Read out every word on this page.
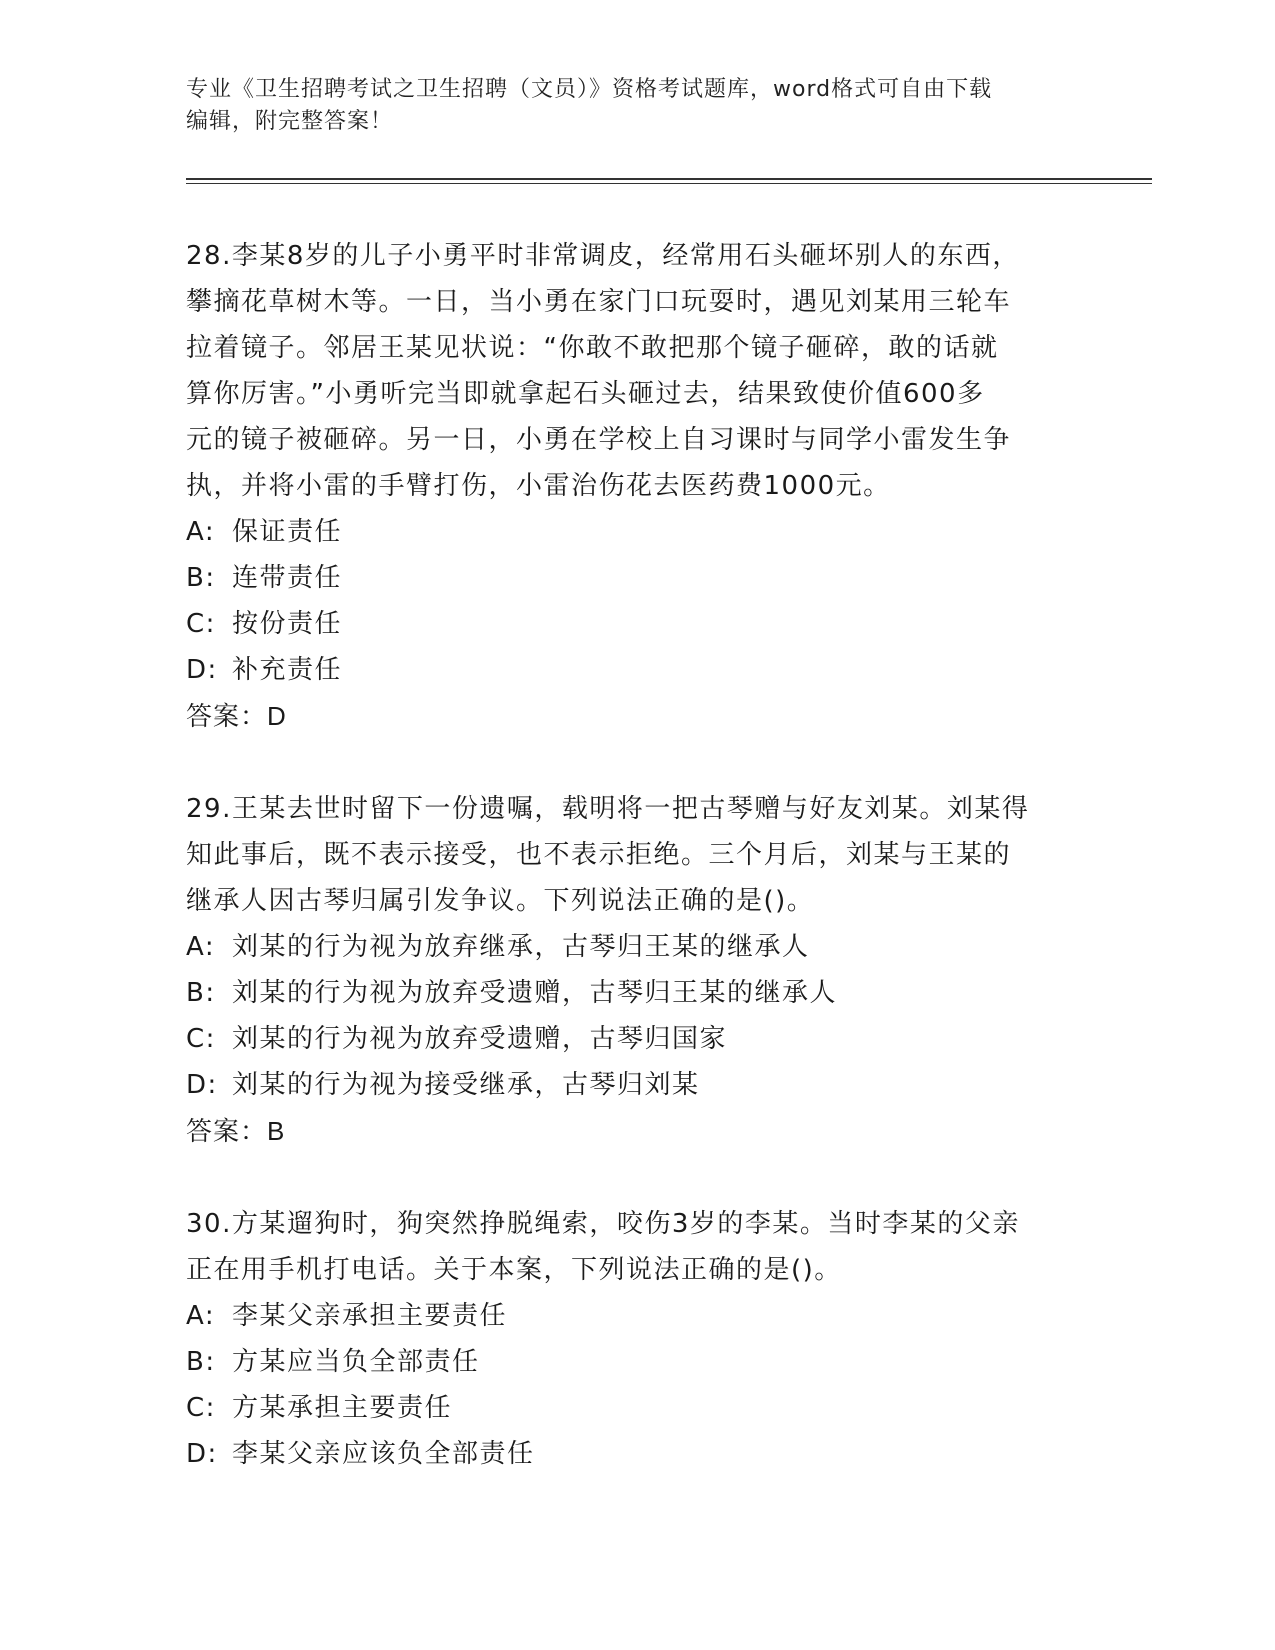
专业《卫生招聘考试之卫生招聘（文员）》资格考试题库，word格式可自由下载
编辑，附完整答案！

28.李某8岁的儿子小勇平时非常调皮，经常用石头砸坏别人的东西，

攀摘花草树木等。一日，当小勇在家门口玩耍时，遇见刘某用三轮车

拉着镜子。邻居王某见状说：“你敢不敢把那个镜子砸碎，敢的话就

算你厉害。”小勇听完当即就拿起石头砸过去，结果致使价值600多

元的镜子被砸碎。另一日，小勇在学校上自习课时与同学小雷发生争

执，并将小雷的手臂打伤，小雷治伤花去医药费1000元。

A: 保证责任

B: 连带责任

C: 按份责任

D: 补充责任

答案：D

29.王某去世时留下一份遗嘱，载明将一把古琴赠与好友刘某。刘某得

知此事后，既不表示接受，也不表示拒绝。三个月后，刘某与王某的

继承人因古琴归属引发争议。下列说法正确的是()。

A: 刘某的行为视为放弃继承，古琴归王某的继承人

B: 刘某的行为视为放弃受遗赠，古琴归王某的继承人

C: 刘某的行为视为放弃受遗赠，古琴归国家

D: 刘某的行为视为接受继承，古琴归刘某

答案：B

30.方某遛狗时，狗突然挣脱绳索，咬伤3岁的李某。当时李某的父亲

正在用手机打电话。关于本案，下列说法正确的是()。

A: 李某父亲承担主要责任

B: 方某应当负全部责任

C: 方某承担主要责任

D: 李某父亲应该负全部责任
